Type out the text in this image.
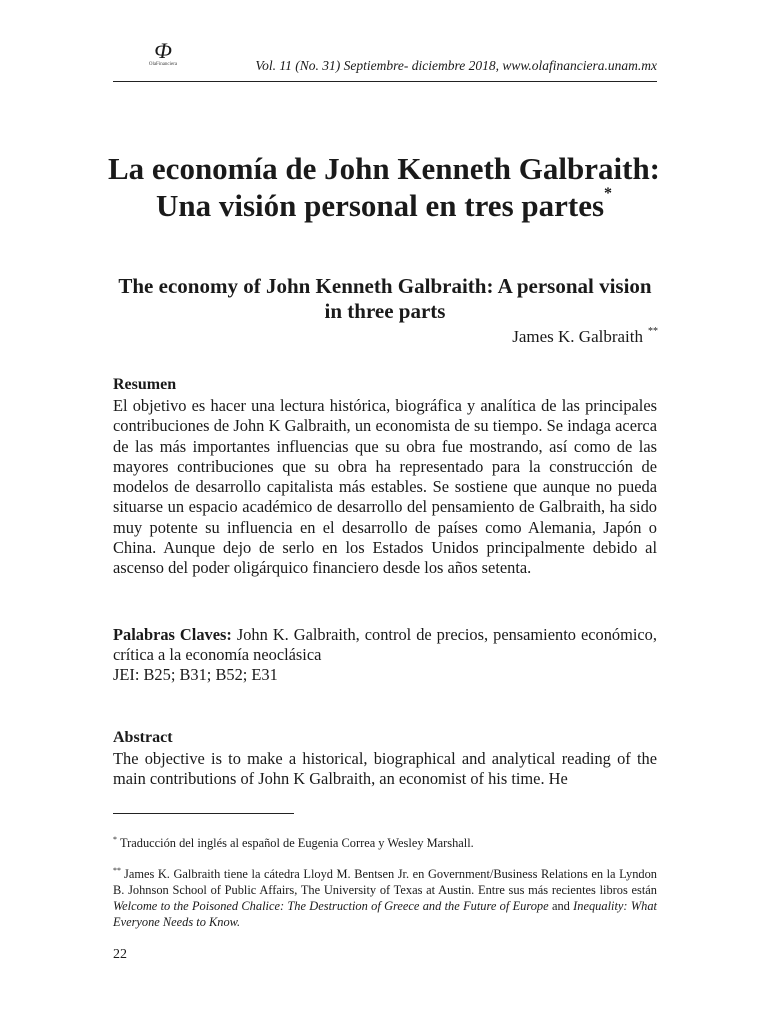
Ф
OlaFinanciera	Vol. 11 (No. 31) Septiembre- diciembre 2018, www.olafinanciera.unam.mx
La economía de John Kenneth Galbraith: Una visión personal en tres partes*
The economy of John Kenneth Galbraith: A personal vision in three parts
James K. Galbraith **
Resumen

El objetivo es hacer una lectura histórica, biográfica y analítica de las principales contribuciones de John K Galbraith, un economista de su tiempo. Se indaga acerca de las más importantes influencias que su obra fue mostrando, así como de las mayores contribuciones que su obra ha representado para la construcción de modelos de desarrollo capitalista más estables. Se sostiene que aunque no pueda situarse un espacio académico de desarrollo del pensamiento de Galbraith, ha sido muy potente su influencia en el desarrollo de países como Alemania, Japón o China. Aunque dejo de serlo en los Estados Unidos principalmente debido al ascenso del poder oligárquico financiero desde los años setenta.

Palabras Claves: John K. Galbraith, control de precios, pensamiento económico, crítica a la economía neoclásica

JEI: B25; B31; B52; E31
Abstract

The objective is to make a historical, biographical and analytical reading of the main contributions of John K Galbraith, an economist of his time. He

* Traducción del inglés al español de Eugenia Correa y Wesley Marshall.

** James K. Galbraith tiene la cátedra Lloyd M. Bentsen Jr. en Government/Business Relations en la Lyndon B. Johnson School of Public Affairs, The University of Texas at Austin. Entre sus más recientes libros están Welcome to the Poisoned Chalice: The Destruction of Greece and the Future of Europe and Inequality: What Everyone Needs to Know.

22
